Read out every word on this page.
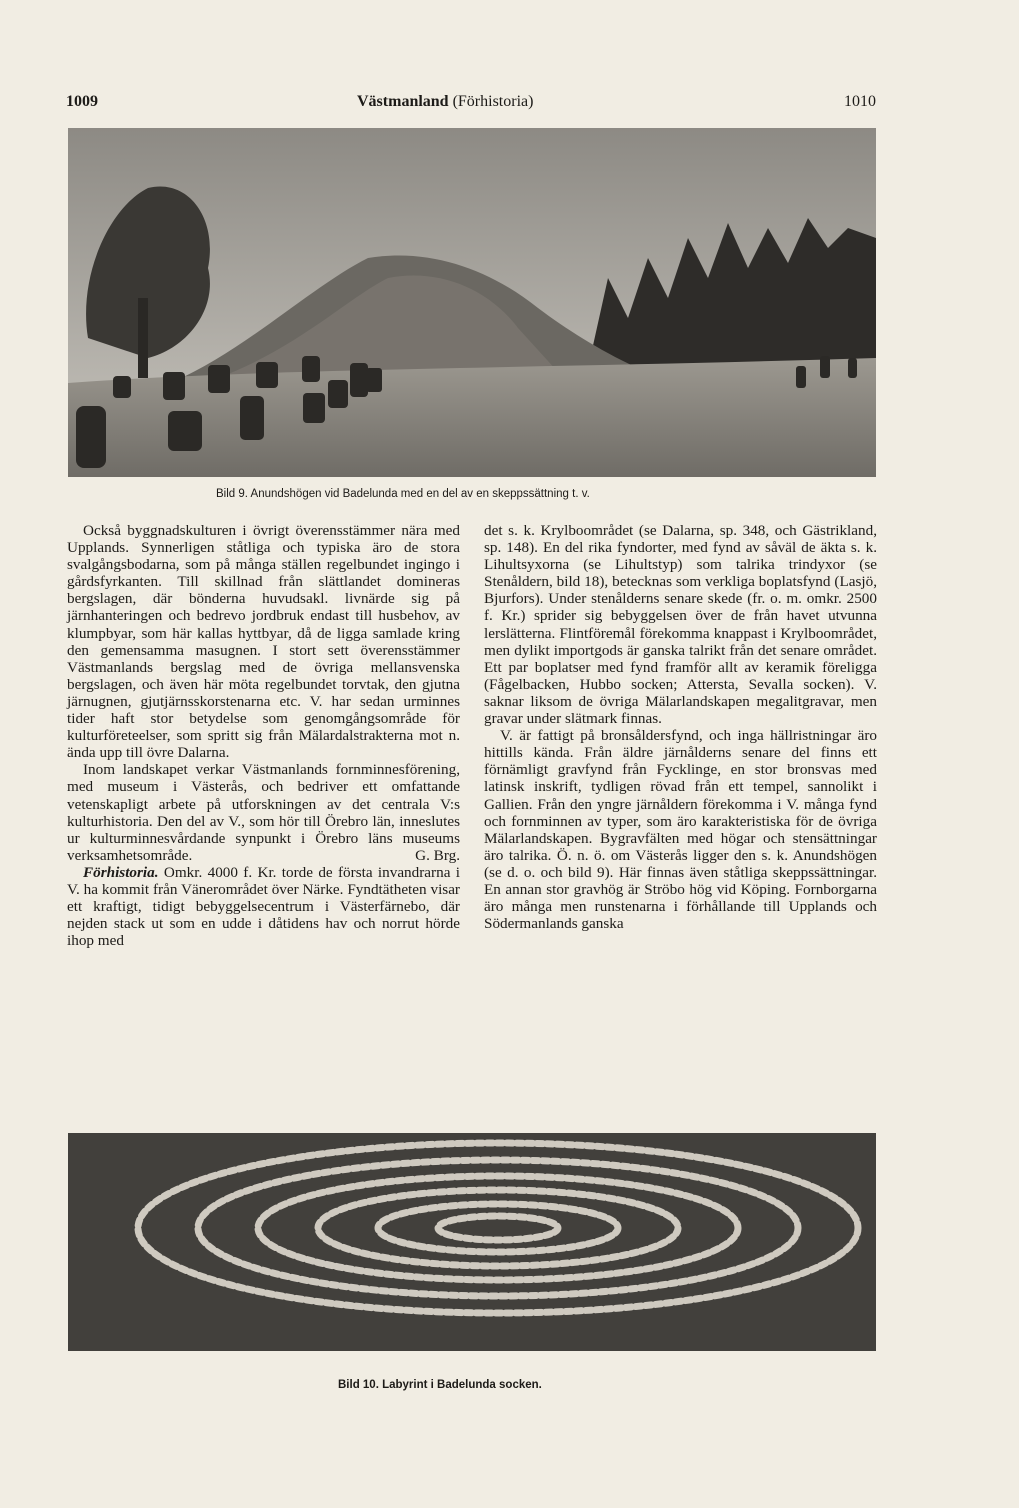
1009	Västmanland (Förhistoria)	1010
Bild 9. Anundshögen vid Badelunda med en del av en skeppssättning t. v.

Också byggnadskulturen i övrigt överensstämmer nära med Upplands. Synnerligen ståtliga och typiska äro de stora svalgångsbodarna, som på många ställen regelbundet ingingo i gårdsfyrkanten. Till skillnad från slättlandet domineras bergslagen, där bönderna huvudsakl. livnärde sig på järnhanteringen och bedrevo jordbruk endast till husbehov, av klumpbyar, som här kallas hyttbyar, då de ligga samlade kring den gemensamma masugnen. I stort sett överensstämmer Västmanlands bergslag med de övriga mellansvenska bergslagen, och även här möta regelbundet torvtak, den gjutna järnugnen, gjutjärnsskorstenarna etc. V. har sedan urminnes tider haft stor betydelse som genomgångsområde för kulturföreteelser, som spritt sig från Mälardalstrakterna mot n. ända upp till övre Dalarna.

Inom landskapet verkar Västmanlands fornminnesförening, med museum i Västerås, och bedriver ett omfattande vetenskapligt arbete på utforskningen av det centrala V:s kulturhistoria. Den del av V., som hör till Örebro län, inneslutes ur kulturminnesvårdande synpunkt i Örebro läns museums verksamhetsområde.	G. Brg.

Förhistoria. Omkr. 4000 f. Kr. torde de första invandrarna i V. ha kommit från Vänerområdet över Närke. Fyndtätheten visar ett kraftigt, tidigt bebyggelsecentrum i Västerfärnebo, där nejden stack ut som en udde i dåtidens hav och norrut hörde ihop med

det s. k. Krylboområdet (se Dalarna, sp. 348, och Gästrikland, sp. 148). En del rika fyndorter, med fynd av såväl de äkta s. k. Lihultsyxorna (se Lihultstyp) som talrika trindyxor (se Stenåldern, bild 18), betecknas som verkliga boplatsfynd (Lasjö, Bjurfors). Under stenålderns senare skede (fr. o. m. omkr. 2500 f. Kr.) sprider sig bebyggelsen över de från havet utvunna lerslätterna. Flintföremål förekomma knappast i Krylboområdet, men dylikt importgods är ganska talrikt från det senare området. Ett par boplatser med fynd framför allt av keramik föreligga (Fågelbacken, Hubbo socken; Attersta, Sevalla socken). V. saknar liksom de övriga Mälarlandskapen megalitgravar, men gravar under slätmark finnas.

V. är fattigt på bronsåldersfynd, och inga hällristningar äro hittills kända. Från äldre järnålderns senare del finns ett förnämligt gravfynd från Fycklinge, en stor bronsvas med latinsk inskrift, tydligen rövad från ett tempel, sannolikt i Gallien. Från den yngre järnåldern förekomma i V. många fynd och fornminnen av typer, som äro karakteristiska för de övriga Mälarlandskapen. Bygravfälten med högar och stensättningar äro talrika. Ö. n. ö. om Västerås ligger den s. k. Anundshögen (se d. o. och bild 9). Här finnas även ståtliga skeppssättningar. En annan stor gravhög är Ströbo hög vid Köping. Fornborgarna äro många men runstenarna i förhållande till Upplands och Södermanlands ganska

Bild 10. Labyrint i Badelunda socken.
